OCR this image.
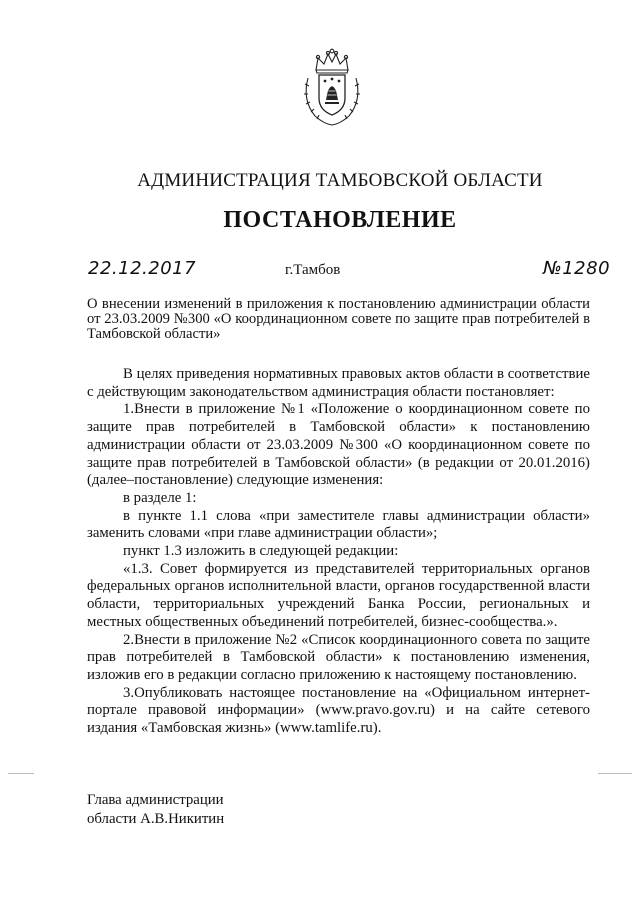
АДМИНИСТРАЦИЯ ТАМБОВСКОЙ ОБЛАСТИ
ПОСТАНОВЛЕНИЕ
22.12.2017	г.Тамбов	№1280
О внесении изменений в приложения к постановлению администрации области от 23.03.2009 №300 «О координационном совете по защите прав потребителей в Тамбовской области»

В целях приведения нормативных правовых актов области в соответствие с действующим законодательством администрация области постановляет:

1.Внести в приложение №1 «Положение о координационном совете по защите прав потребителей в Тамбовской области» к постановлению администрации области от 23.03.2009 №300 «О координационном совете по защите прав потребителей в Тамбовской области» (в редакции от 20.01.2016) (далее–постановление) следующие изменения:

в разделе 1:

в пункте 1.1 слова «при заместителе главы администрации области» заменить словами «при главе администрации области»;

пункт 1.3 изложить в следующей редакции:

«1.3. Совет формируется из представителей территориальных органов федеральных органов исполнительной власти, органов государственной власти области, территориальных учреждений Банка России, региональных и местных общественных объединений потребителей, бизнес-сообщества.».

2.Внести в приложение №2 «Список координационного совета по защите прав потребителей в Тамбовской области» к постановлению изменения, изложив его в редакции согласно приложению к настоящему постановлению.

3.Опубликовать настоящее постановление на «Официальном интернет-портале правовой информации» (www.pravo.gov.ru) и на сайте сетевого издания «Тамбовская жизнь» (www.tamlife.ru).

Глава администрации
области А.В.Никитин
